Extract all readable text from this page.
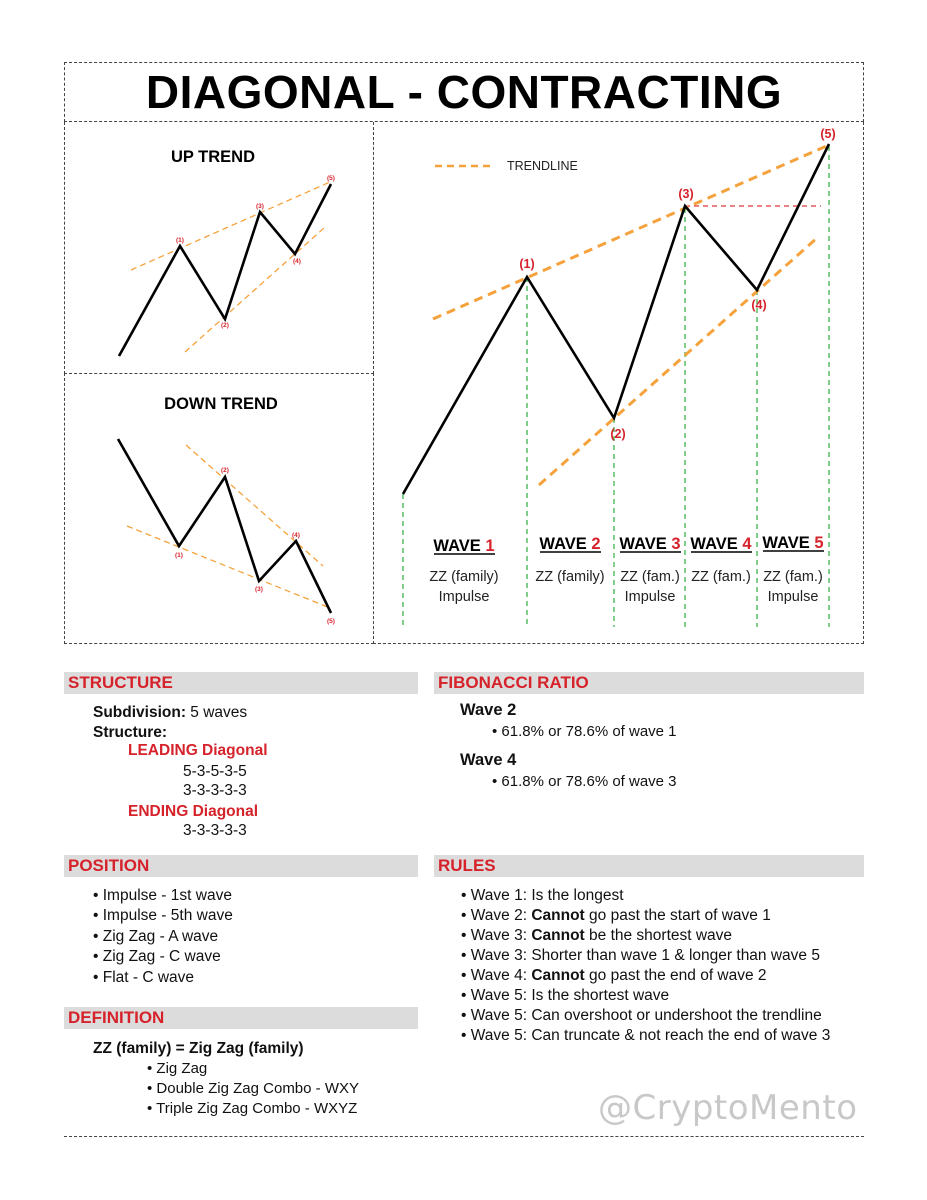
DIAGONAL - CONTRACTING
UP TREND
(1)
(2)
(3)
(4)
(5)
DOWN TREND
(1)
(2)
(3)
(4)
(5)
TRENDLINE
(1)
(2)
(3)
(4)
(5)
WAVE 1
ZZ (family)
Impulse
WAVE 2
ZZ (family)
WAVE 3
ZZ (fam.)
Impulse
WAVE 4
ZZ (fam.)
WAVE 5
ZZ (fam.)
Impulse
STRUCTURE
Subdivision: 5 waves
Structure:
LEADING Diagonal
5-3-5-3-5
3-3-3-3-3
ENDING Diagonal
3-3-3-3-3
FIBONACCI RATIO
Wave 2
• 61.8% or 78.6% of wave 1
Wave 4
• 61.8% or 78.6% of wave 3
POSITION
• Impulse - 1st wave
• Impulse - 5th wave
• Zig Zag - A wave
• Zig Zag - C wave
• Flat - C wave
RULES
• Wave 1: Is the longest
• Wave 2: Cannot go past the start of wave 1
• Wave 3: Cannot be the shortest wave
• Wave 3: Shorter than wave 1 & longer than wave 5
• Wave 4: Cannot go past the end of wave 2
• Wave 5: Is the shortest wave
• Wave 5: Can overshoot or undershoot the trendline
• Wave 5: Can truncate & not reach the end of wave 3
DEFINITION
ZZ (family) = Zig Zag (family)
• Zig Zag
• Double Zig Zag Combo - WXY
• Triple Zig Zag Combo - WXYZ	@CryptoMento
